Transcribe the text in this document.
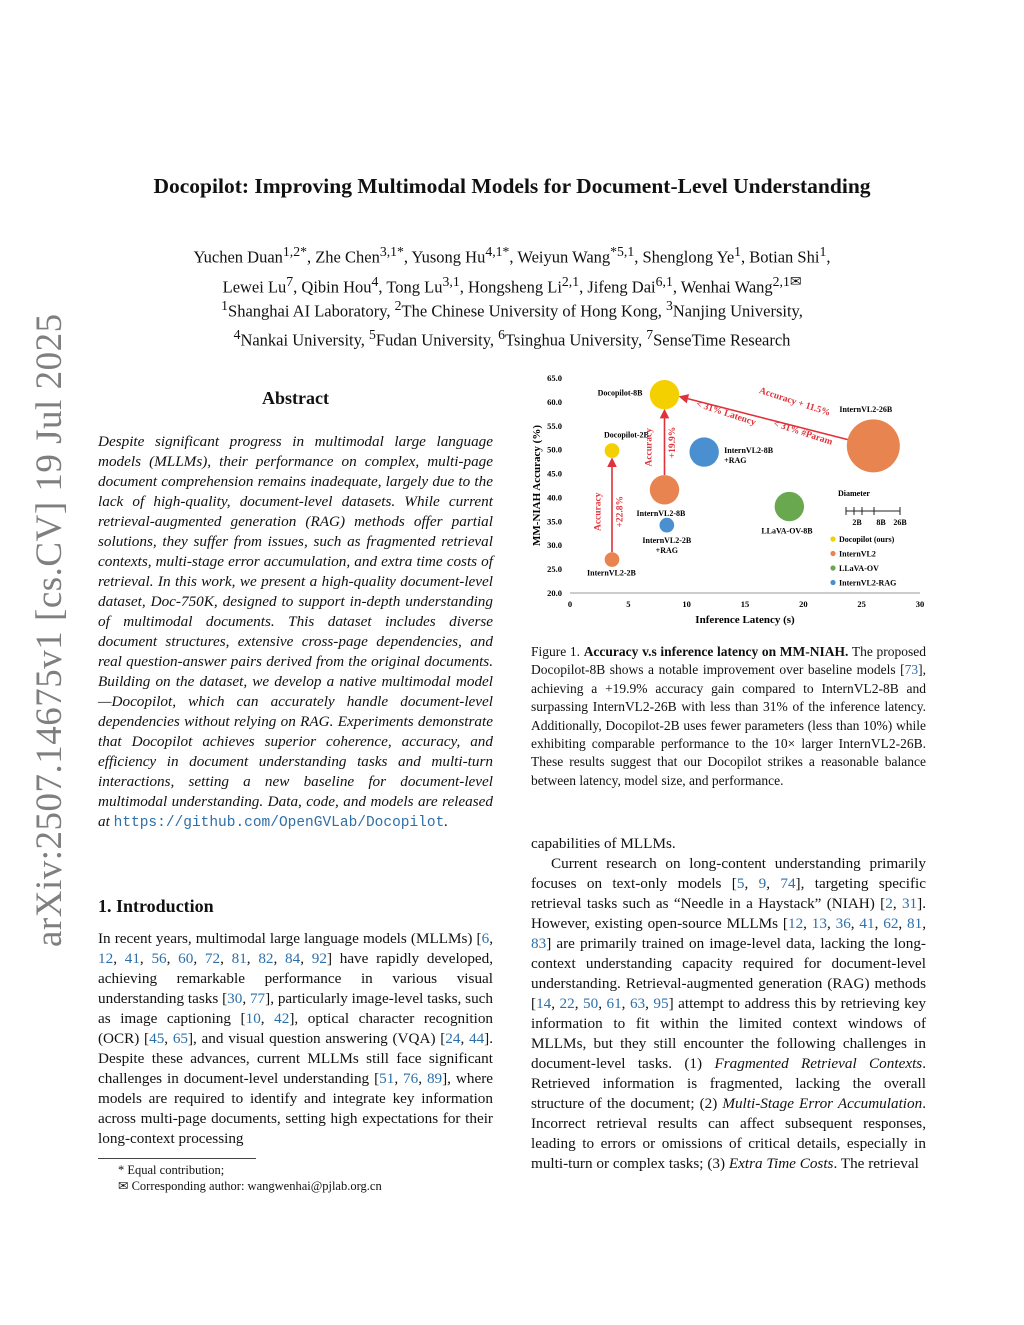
arXiv:2507.14675v1 [cs.CV] 19 Jul 2025
Docopilot: Improving Multimodal Models for Document-Level Understanding
Yuchen Duan$^{1,2*}$, Zhe Chen$^{3,1*}$, Yusong $Hu^{4,1*}$, Weiyun Wang$^{*5,1}$, Shenglong Ye$^1$, Botian Shi$^1$,
Lewei Lu$^7$, Qibin Hou$^4$, Tong Lu$^{3,1}$, Hongsheng Li$^{2,1}$, Jifeng Dai$^{6,1}$, Wenhai Wang$^{2,1✉}$
$^1$Shanghai AI Laboratory, $^2$The Chinese University of Hong Kong, $^3$Nanjing University,
$^4$Nankai University, $^5$Fudan University, $^6$Tsinghua University, $^7$SenseTime Research
Abstract
Despite significant progress in multimodal large language models (MLLMs), their performance on complex, multi-page document comprehension remains inadequate, largely due to the lack of high-quality, document-level datasets. While current retrieval-augmented generation (RAG) methods offer partial solutions, they suffer from issues, such as fragmented retrieval contexts, multi-stage error accumulation, and extra time costs of retrieval. In this work, we present a high-quality document-level dataset, Doc-750K, designed to support in-depth understanding of multimodal documents. This dataset includes diverse document structures, extensive cross-page dependencies, and real question-answer pairs derived from the original documents. Building on the dataset, we develop a native multimodal model—Docopilot, which can accurately handle document-level dependencies without relying on RAG. Experiments demonstrate that Docopilot achieves superior coherence, accuracy, and efficiency in document understanding tasks and multi-turn interactions, setting a new baseline for document-level multimodal understanding. Data, code, and models are released at https://github.com/OpenGVLab/Docopilot.
1. Introduction
In recent years, multimodal large language models (MLLMs) [6, 12, 41, 56, 60, 72, 81, 82, 84, 92] have rapidly developed, achieving remarkable performance in various visual understanding tasks [30, 77], particularly image-level tasks, such as image captioning [10, 42], optical character recognition (OCR) [45, 65], and visual question answering (VQA) [24, 44]. Despite these advances, current MLLMs still face significant challenges in document-level understanding [51, 76, 89], where models are required to identify and integrate key information across multi-page documents, setting high expectations for their long-context processing
* Equal contribution;
✉ Corresponding author: wangwenhai@pjlab.org.cn
20.0
25.0
30.0
35.0
40.0
45.0
50.0
55.0
60.0
65.0
0	5	10	15	20	25	30
Inference Latency (s)
MM-NIAH Accuracy (%)
Docopilot-8B
Docopilot-2B
InternVL2-26B
InternVL2-8B
InternVL2-2B
InternVL2-8B +RAG
InternVL2-2B +RAG
LLaVA-OV-8B
Accuracy +22.8%
Accuracy +19.9%
Accuracy + 11.5%
< 31% Latency
< 31% #Param
Diameter
2B 8B 26B
Docopilot (ours)
InternVL2
LLaVA-OV
InternVL2-RAG
Figure 1. Accuracy v.s inference latency on MM-NIAH. The proposed Docopilot-8B shows a notable improvement over baseline models [73], achieving a +19.9% accuracy gain compared to InternVL2-8B and surpassing InternVL2-26B with less than 31% of the inference latency. Additionally, Docopilot-2B uses fewer parameters (less than 10%) while exhibiting comparable performance to the 10× larger InternVL2-26B. These results suggest that our Docopilot strikes a reasonable balance between latency, model size, and performance.
capabilities of MLLMs.
Current research on long-content understanding primarily focuses on text-only models [5, 9, 74], targeting specific retrieval tasks such as “Needle in a Haystack” (NIAH) [2, 31]. However, existing open-source MLLMs [12, 13, 36, 41, 62, 81, 83] are primarily trained on image-level data, lacking the long-context understanding capacity required for document-level understanding. Retrieval-augmented generation (RAG) methods [14, 22, 50, 61, 63, 95] attempt to address this by retrieving key information to fit within the limited context windows of MLLMs, but they still encounter the following challenges in document-level tasks. (1) Fragmented Retrieval Contexts. Retrieved information is fragmented, lacking the overall structure of the document; (2) Multi-Stage Error Accumulation. Incorrect retrieval results can affect subsequent responses, leading to errors or omissions of critical details, especially in multi-turn or complex tasks; (3) Extra Time Costs. The retrieval
